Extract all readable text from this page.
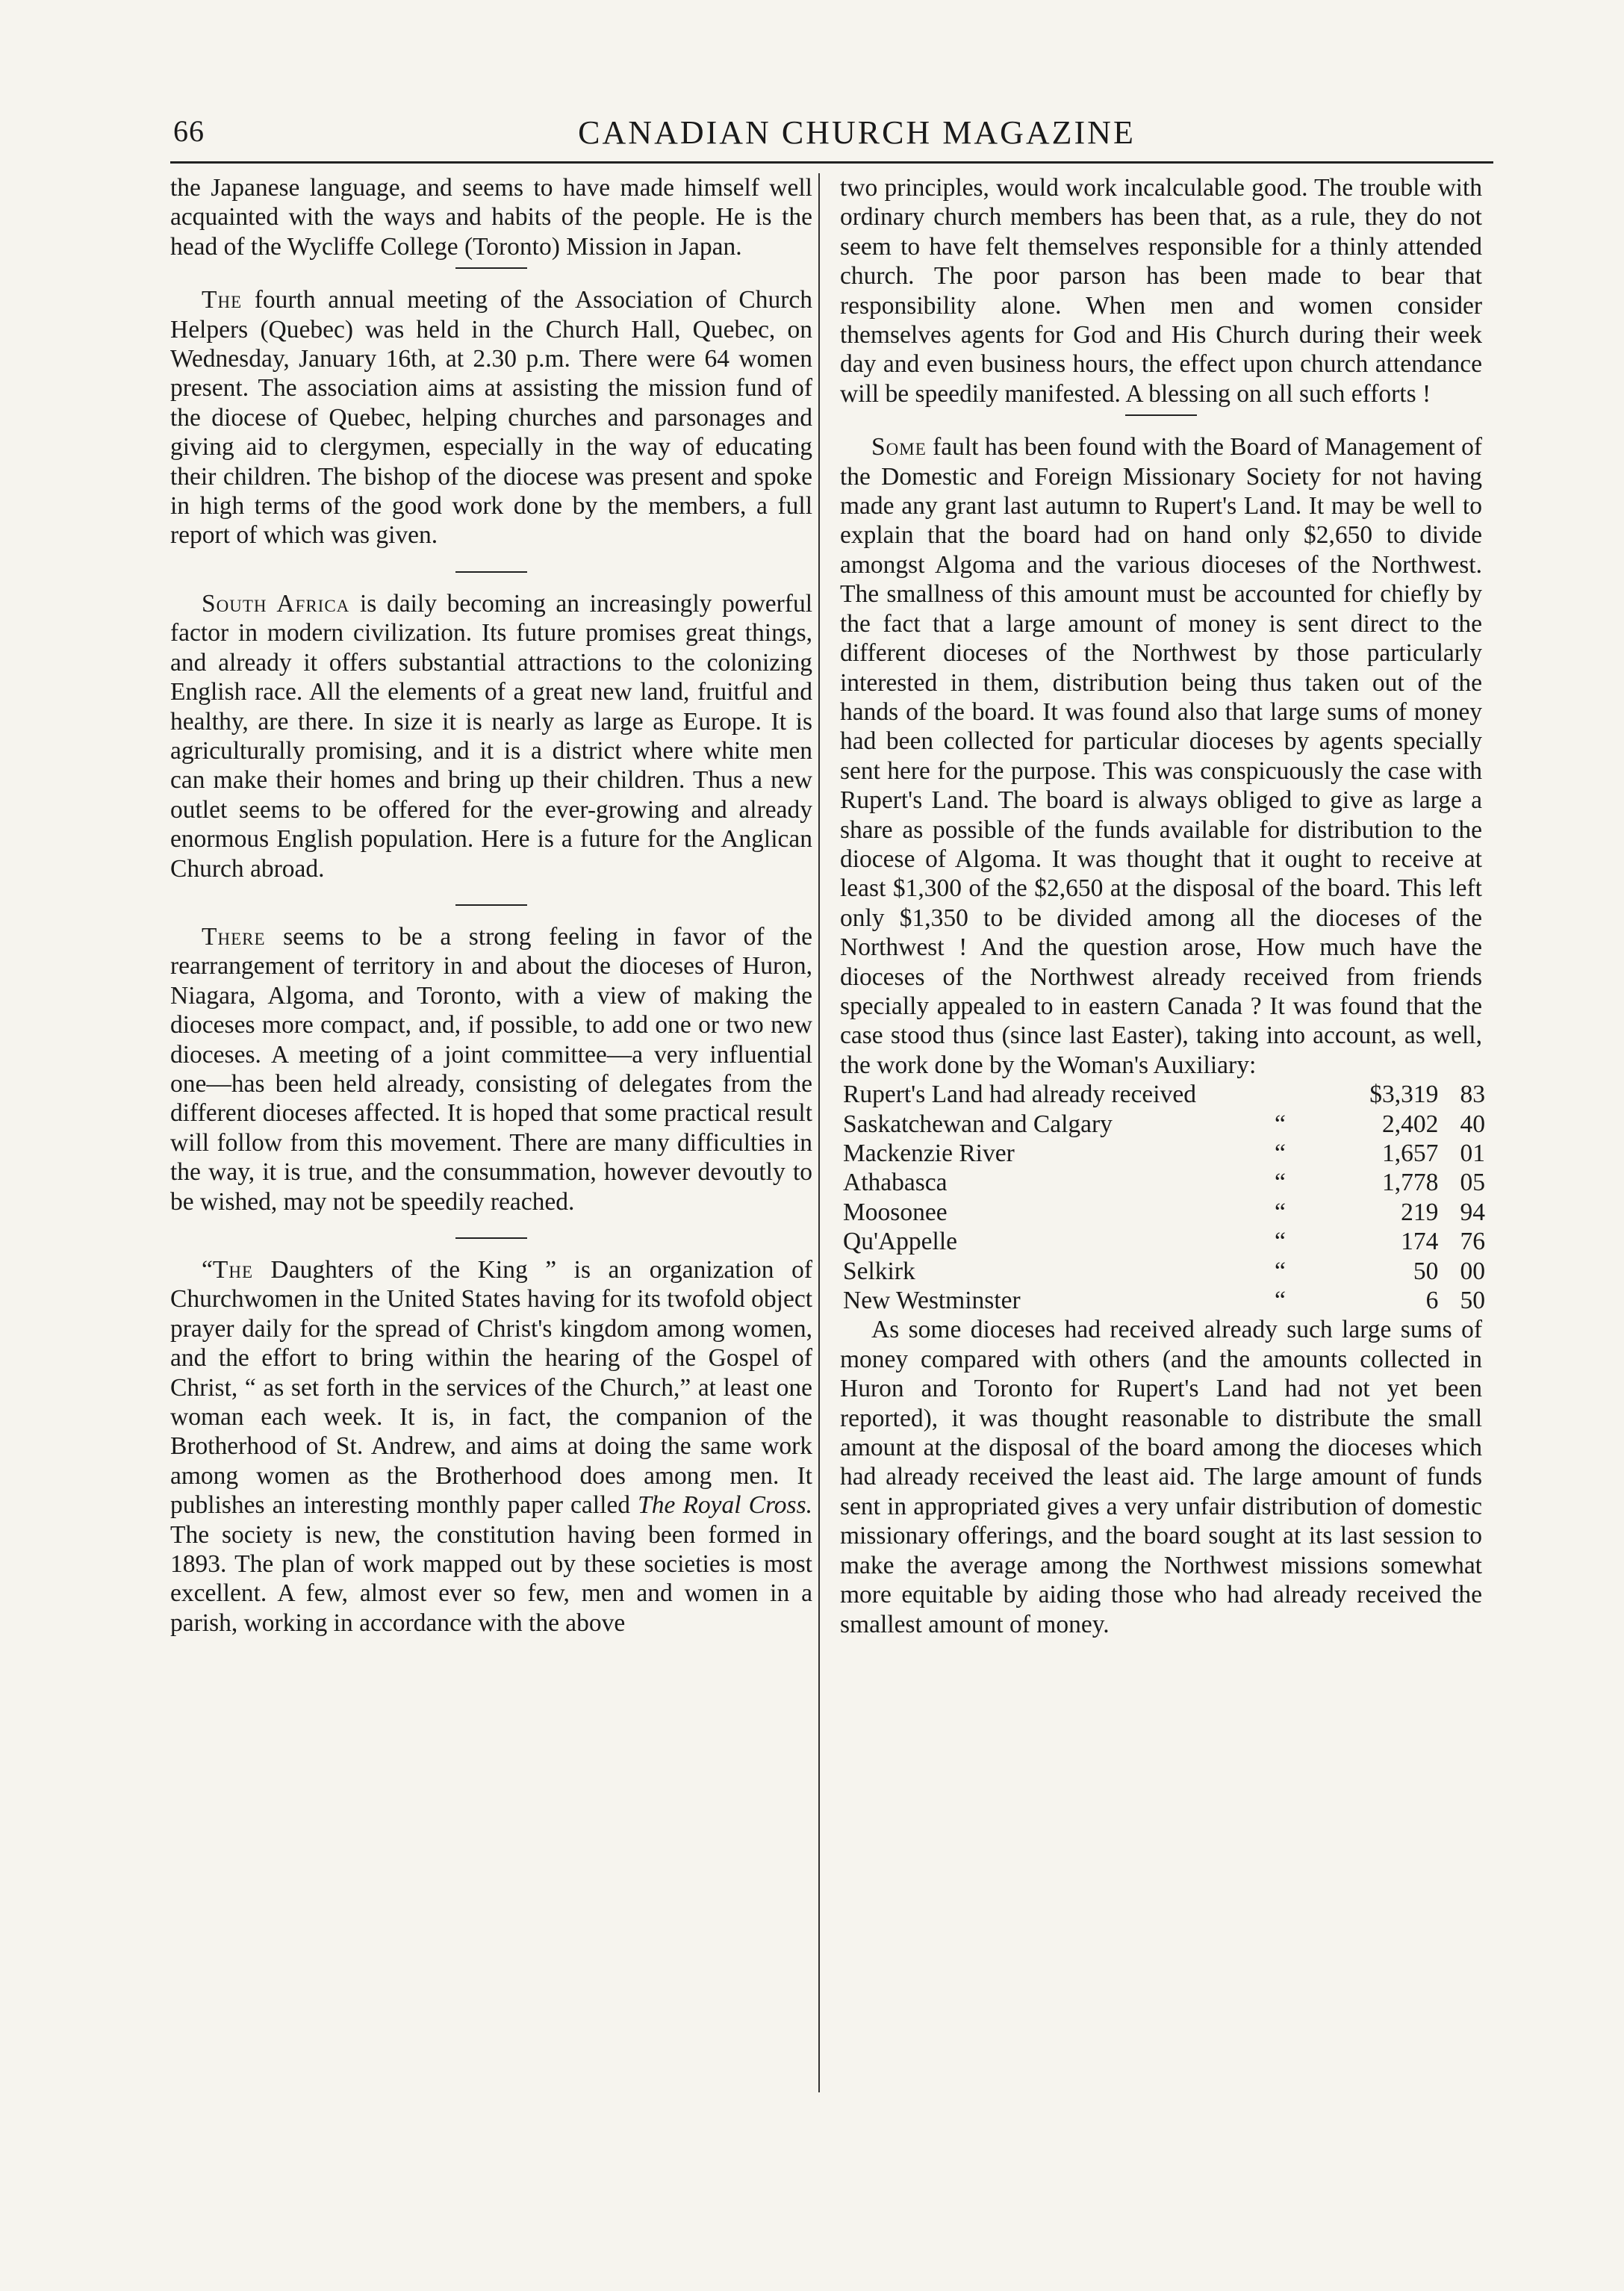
66	CANADIAN CHURCH MAGAZINE

the Japanese language, and seems to have made himself well acquainted with the ways and habits of the people. He is the head of the Wycliffe College (Toronto) Mission in Japan.

The fourth annual meeting of the Association of Church Helpers (Quebec) was held in the Church Hall, Quebec, on Wednesday, January 16th, at 2.30 p.m. There were 64 women present. The association aims at assisting the mission fund of the diocese of Quebec, helping churches and parsonages and giving aid to clergymen, especially in the way of educating their children. The bishop of the diocese was present and spoke in high terms of the good work done by the members, a full report of which was given.

South Africa is daily becoming an increasingly powerful factor in modern civilization. Its future promises great things, and already it offers substantial attractions to the colonizing English race. All the elements of a great new land, fruitful and healthy, are there. In size it is nearly as large as Europe. It is agriculturally promising, and it is a district where white men can make their homes and bring up their children. Thus a new outlet seems to be offered for the ever-growing and already enormous English population. Here is a future for the Anglican Church abroad.

There seems to be a strong feeling in favor of the rearrangement of territory in and about the dioceses of Huron, Niagara, Algoma, and Toronto, with a view of making the dioceses more compact, and, if possible, to add one or two new dioceses. A meeting of a joint committee—a very influential one—has been held already, consisting of delegates from the different dioceses affected. It is hoped that some practical result will follow from this movement. There are many difficulties in the way, it is true, and the consummation, however devoutly to be wished, may not be speedily reached.

“The Daughters of the King ” is an organization of Churchwomen in the United States having for its twofold object prayer daily for the spread of Christ's kingdom among women, and the effort to bring within the hearing of the Gospel of Christ, “ as set forth in the services of the Church,” at least one woman each week. It is, in fact, the companion of the Brotherhood of St. Andrew, and aims at doing the same work among women as the Brotherhood does among men. It publishes an interesting monthly paper called The Royal Cross. The society is new, the constitution having been formed in 1893. The plan of work mapped out by these societies is most excellent. A few, almost ever so few, men and women in a parish, working in accordance with the above

two principles, would work incalculable good. The trouble with ordinary church members has been that, as a rule, they do not seem to have felt themselves responsible for a thinly attended church. The poor parson has been made to bear that responsibility alone. When men and women consider themselves agents for God and His Church during their week day and even business hours, the effect upon church attendance will be speedily manifested. A blessing on all such efforts !

Some fault has been found with the Board of Management of the Domestic and Foreign Missionary Society for not having made any grant last autumn to Rupert's Land. It may be well to explain that the board had on hand only $2,650 to divide amongst Algoma and the various dioceses of the Northwest. The smallness of this amount must be accounted for chiefly by the fact that a large amount of money is sent direct to the different dioceses of the Northwest by those particularly interested in them, distribution being thus taken out of the hands of the board. It was found also that large sums of money had been collected for particular dioceses by agents specially sent here for the purpose. This was conspicuously the case with Rupert's Land. The board is always obliged to give as large a share as possible of the funds available for distribution to the diocese of Algoma. It was thought that it ought to receive at least $1,300 of the $2,650 at the disposal of the board. This left only $1,350 to be divided among all the dioceses of the Northwest ! And the question arose, How much have the dioceses of the Northwest already received from friends specially appealed to in eastern Canada ? It was found that the case stood thus (since last Easter), taking into account, as well, the work done by the Woman's Auxiliary:

Rupert's Land had already received		$3,319	83
Saskatchewan and Calgary	“	2,402	40
Mackenzie River	“	1,657	01
Athabasca	“	1,778	05
Moosonee	“	219	94
Qu'Appelle	“	174	76
Selkirk	“	50	00
New Westminster	“	6	50

As some dioceses had received already such large sums of money compared with others (and the amounts collected in Huron and Toronto for Rupert's Land had not yet been reported), it was thought reasonable to distribute the small amount at the disposal of the board among the dioceses which had already received the least aid. The large amount of funds sent in appropriated gives a very unfair distribution of domestic missionary offerings, and the board sought at its last session to make the average among the Northwest missions somewhat more equitable by aiding those who had already received the smallest amount of money.
